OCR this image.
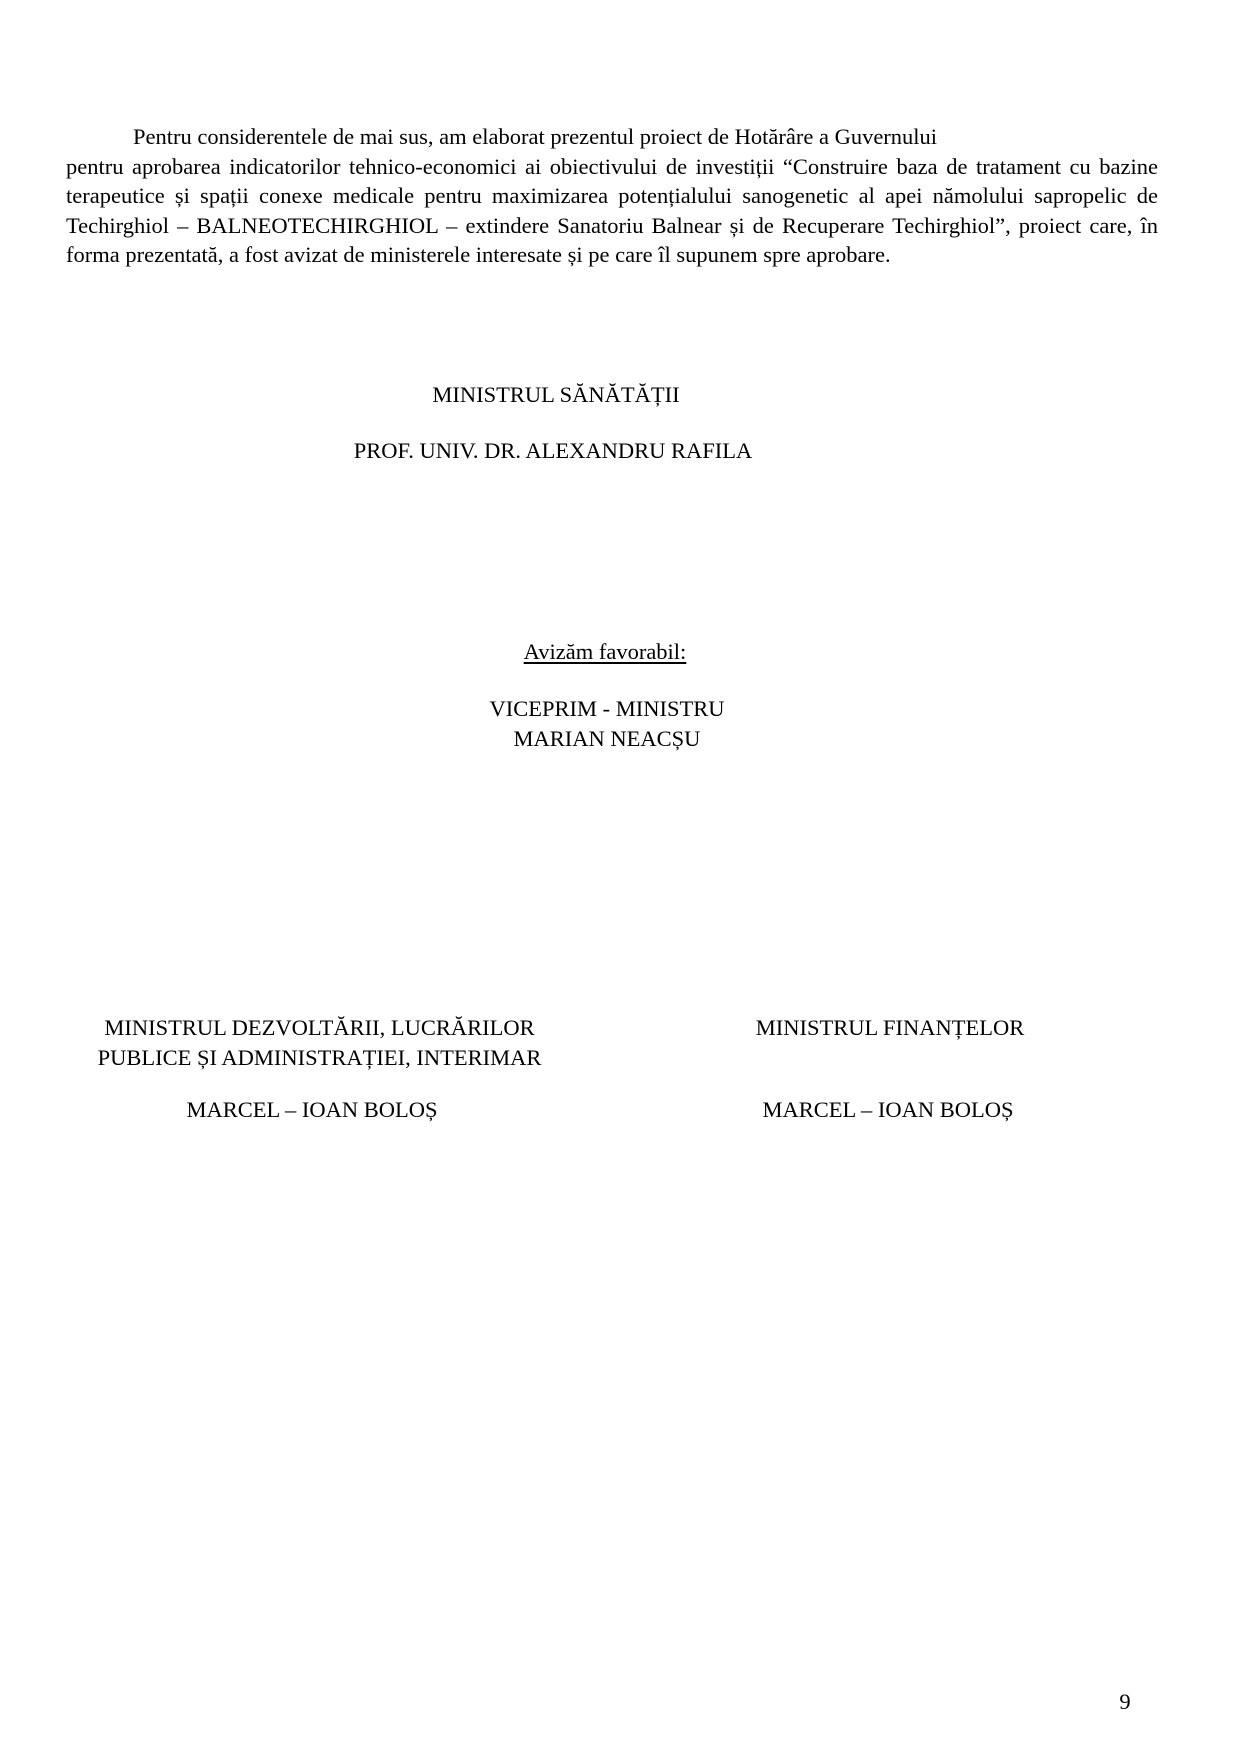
Pentru considerentele de mai sus, am elaborat prezentul proiect de Hotărâre a Guvernului
pentru aprobarea indicatorilor tehnico-economici ai obiectivului de investiții “Construire baza de tratament cu bazine terapeutice și spații conexe medicale pentru maximizarea potențialului sanogenetic al apei nămolului sapropelic de Techirghiol – BALNEOTECHIRGHIOL – extindere Sanatoriu Balnear și de Recuperare Techirghiol”, proiect care, în forma prezentată, a fost avizat de ministerele interesate și pe care îl supunem spre aprobare.

MINISTRUL SĂNĂTĂȚII
PROF. UNIV. DR. ALEXANDRU RAFILA
Avizăm favorabil:
VICEPRIM - MINISTRU
MARIAN NEACȘU
MINISTRUL DEZVOLTĂRII, LUCRĂRILOR
PUBLICE ȘI ADMINISTRAȚIEI, INTERIMAR
MINISTRUL FINANȚELOR
MARCEL – IOAN BOLOȘ	MARCEL – IOAN BOLOȘ
9
